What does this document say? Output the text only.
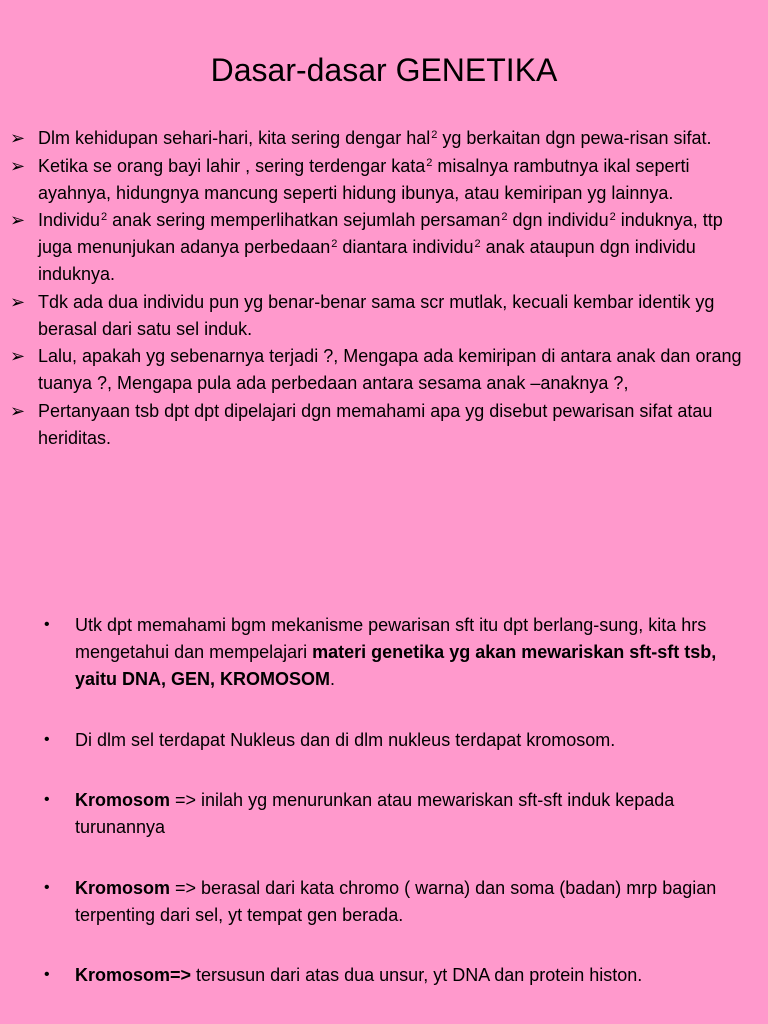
Dasar-dasar GENETIKA
➢ Dlm kehidupan sehari-hari, kita sering dengar hal$^2$ yg berkaitan dgn pewa-risan sifat.
➢ Ketika se orang bayi lahir , sering terdengar kata$^2$ misalnya rambutnya ikal seperti ayahnya, hidungnya mancung seperti hidung ibunya, atau kemiripan yg lainnya.
➢ Individu$^2$ anak sering memperlihatkan sejumlah persaman$^2$ dgn individu$^2$ induknya, ttp juga menunjukan adanya perbedaan$^2$ diantara individu$^2$ anak ataupun dgn individu induknya.
➢ Tdk ada dua individu pun yg benar-benar sama scr mutlak, kecuali kembar identik yg berasal dari satu sel induk.
➢ Lalu, apakah yg sebenarnya terjadi ?, Mengapa ada kemiripan di antara anak dan orang tuanya ?, Mengapa pula ada perbedaan antara sesama anak –anaknya ?,
➢ Pertanyaan tsb dpt dpt dipelajari dgn memahami apa yg disebut pewarisan sifat atau heriditas.
• Utk dpt memahami bgm mekanisme pewarisan sft itu dpt berlang-sung, kita hrs mengetahui dan mempelajari materi genetika yg akan mewariskan sft-sft tsb, yaitu DNA, GEN, KROMOSOM.
• Di dlm sel terdapat Nukleus dan di dlm nukleus terdapat kromosom.
• Kromosom => inilah yg menurunkan atau mewariskan sft-sft induk kepada turunannya
• Kromosom => berasal dari kata chromo ( warna) dan soma (badan) mrp bagian terpenting dari sel, yt tempat gen berada.
• Kromosom=> tersusun dari atas dua unsur, yt DNA dan protein histon.
